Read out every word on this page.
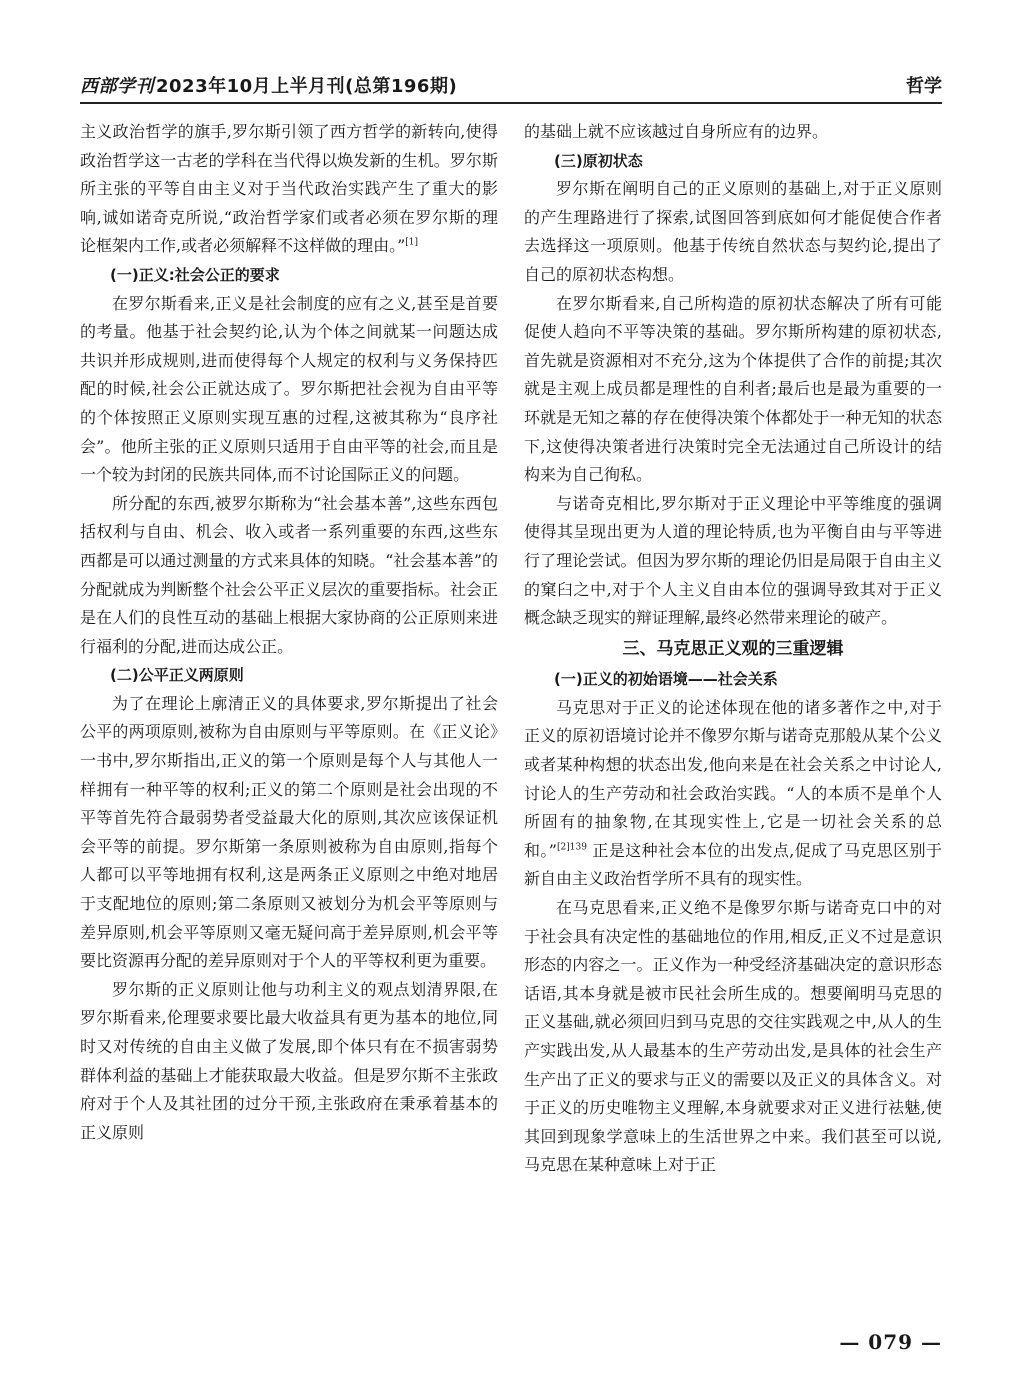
西部学刊 2023年10月上半月刊(总第196期)	哲学

主义政治哲学的旗手,罗尔斯引领了西方哲学的新转向,使得政治哲学这一古老的学科在当代得以焕发新的生机。罗尔斯所主张的平等自由主义对于当代政治实践产生了重大的影响,诚如诺奇克所说,“政治哲学家们或者必须在罗尔斯的理论框架内工作,或者必须解释不这样做的理由。”[1]

(一)正义:社会公正的要求

在罗尔斯看来,正义是社会制度的应有之义,甚至是首要的考量。他基于社会契约论,认为个体之间就某一问题达成共识并形成规则,进而使得每个人规定的权利与义务保持匹配的时候,社会公正就达成了。罗尔斯把社会视为自由平等的个体按照正义原则实现互惠的过程,这被其称为“良序社会”。他所主张的正义原则只适用于自由平等的社会,而且是一个较为封闭的民族共同体,而不讨论国际正义的问题。

所分配的东西,被罗尔斯称为“社会基本善”,这些东西包括权利与自由、机会、收入或者一系列重要的东西,这些东西都是可以通过测量的方式来具体的知晓。“社会基本善”的分配就成为判断整个社会公平正义层次的重要指标。社会正是在人们的良性互动的基础上根据大家协商的公正原则来进行福利的分配,进而达成公正。

(二)公平正义两原则

为了在理论上廓清正义的具体要求,罗尔斯提出了社会公平的两项原则,被称为自由原则与平等原则。在《正义论》一书中,罗尔斯指出,正义的第一个原则是每个人与其他人一样拥有一种平等的权利;正义的第二个原则是社会出现的不平等首先符合最弱势者受益最大化的原则,其次应该保证机会平等的前提。罗尔斯第一条原则被称为自由原则,指每个人都可以平等地拥有权利,这是两条正义原则之中绝对地居于支配地位的原则;第二条原则又被划分为机会平等原则与差异原则,机会平等原则又毫无疑问高于差异原则,机会平等要比资源再分配的差异原则对于个人的平等权利更为重要。

罗尔斯的正义原则让他与功利主义的观点划清界限,在罗尔斯看来,伦理要求要比最大收益具有更为基本的地位,同时又对传统的自由主义做了发展,即个体只有在不损害弱势群体利益的基础上才能获取最大收益。但是罗尔斯不主张政府对于个人及其社团的过分干预,主张政府在秉承着基本的正义原则

的基础上就不应该越过自身所应有的边界。

(三)原初状态

罗尔斯在阐明自己的正义原则的基础上,对于正义原则的产生理路进行了探索,试图回答到底如何才能促使合作者去选择这一项原则。他基于传统自然状态与契约论,提出了自己的原初状态构想。

在罗尔斯看来,自己所构造的原初状态解决了所有可能促使人趋向不平等决策的基础。罗尔斯所构建的原初状态,首先就是资源相对不充分,这为个体提供了合作的前提;其次就是主观上成员都是理性的自利者;最后也是最为重要的一环就是无知之幕的存在使得决策个体都处于一种无知的状态下,这使得决策者进行决策时完全无法通过自己所设计的结构来为自己徇私。

与诺奇克相比,罗尔斯对于正义理论中平等维度的强调使得其呈现出更为人道的理论特质,也为平衡自由与平等进行了理论尝试。但因为罗尔斯的理论仍旧是局限于自由主义的窠臼之中,对于个人主义自由本位的强调导致其对于正义概念缺乏现实的辩证理解,最终必然带来理论的破产。

三、马克思正义观的三重逻辑
(一)正义的初始语境——社会关系

马克思对于正义的论述体现在他的诸多著作之中,对于正义的原初语境讨论并不像罗尔斯与诺奇克那般从某个公义或者某种构想的状态出发,他向来是在社会关系之中讨论人,讨论人的生产劳动和社会政治实践。“人的本质不是单个人所固有的抽象物,在其现实性上,它是一切社会关系的总和。”$^{[2]139}$ 正是这种社会本位的出发点,促成了马克思区别于新自由主义政治哲学所不具有的现实性。

在马克思看来,正义绝不是像罗尔斯与诺奇克口中的对于社会具有决定性的基础地位的作用,相反,正义不过是意识形态的内容之一。正义作为一种受经济基础决定的意识形态话语,其本身就是被市民社会所生成的。想要阐明马克思的正义基础,就必须回归到马克思的交往实践观之中,从人的生产实践出发,从人最基本的生产劳动出发,是具体的社会生产生产出了正义的要求与正义的需要以及正义的具体含义。对于正义的历史唯物主义理解,本身就要求对正义进行祛魅,使其回到现象学意味上的生活世界之中来。我们甚至可以说,马克思在某种意味上对于正

— 079 —
